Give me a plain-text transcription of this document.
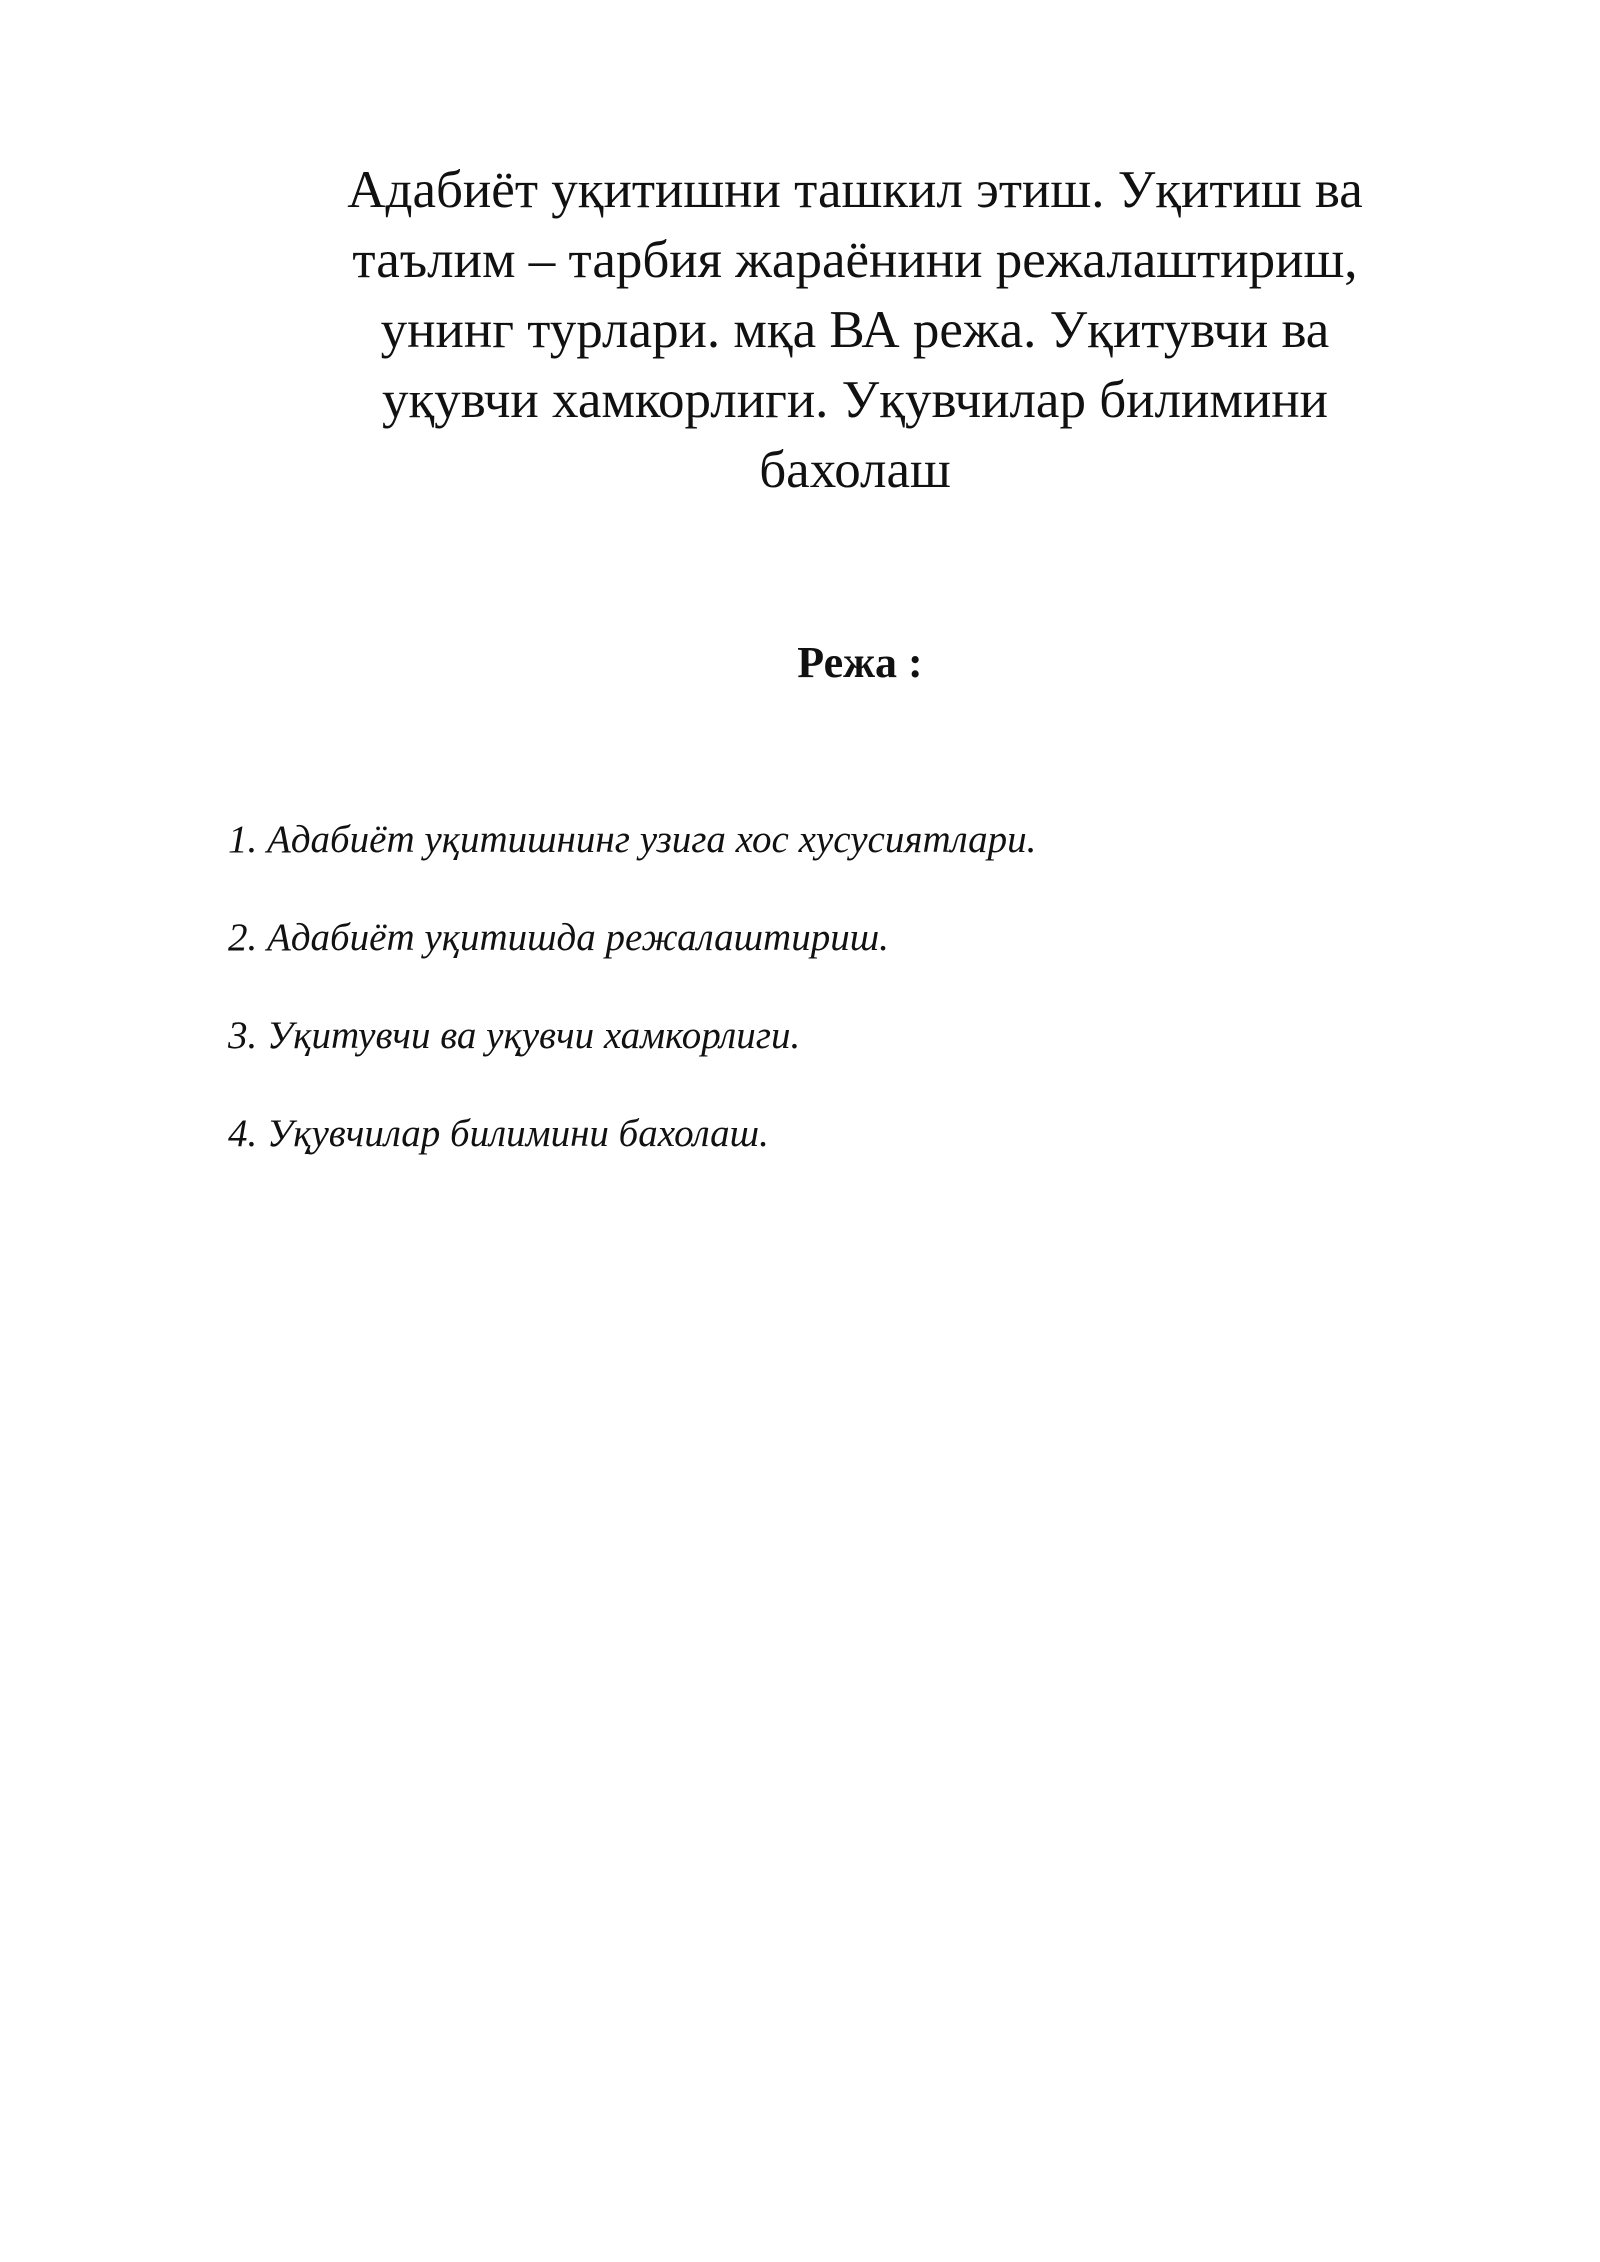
Адабиёт уқитишни ташкил этиш. Уқитиш ва
таълим – тарбия жараёнини режалаштириш,
унинг турлари. мқа ВА режа. Уқитувчи ва
уқувчи хамкорлиги. Уқувчилар билимини
бахолаш
Режа :
1. Адабиёт уқитишнинг узига хос хусусиятлари.
2. Адабиёт уқитишда режалаштириш.
3. Уқитувчи ва уқувчи хамкорлиги.
4. Уқувчилар билимини бахолаш.
